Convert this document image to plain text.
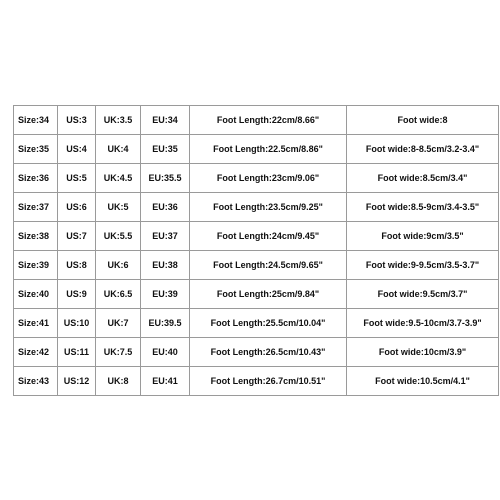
Size:34	US:3	UK:3.5	EU:34	Foot Length:22cm/8.66"	Foot wide:8
Size:35	US:4	UK:4	EU:35	Foot Length:22.5cm/8.86"	Foot wide:8-8.5cm/3.2-3.4"
Size:36	US:5	UK:4.5	EU:35.5	Foot Length:23cm/9.06"	Foot wide:8.5cm/3.4"
Size:37	US:6	UK:5	EU:36	Foot Length:23.5cm/9.25"	Foot wide:8.5-9cm/3.4-3.5"
Size:38	US:7	UK:5.5	EU:37	Foot Length:24cm/9.45"	Foot wide:9cm/3.5"
Size:39	US:8	UK:6	EU:38	Foot Length:24.5cm/9.65"	Foot wide:9-9.5cm/3.5-3.7"
Size:40	US:9	UK:6.5	EU:39	Foot Length:25cm/9.84"	Foot wide:9.5cm/3.7"
Size:41	US:10	UK:7	EU:39.5	Foot Length:25.5cm/10.04"	Foot wide:9.5-10cm/3.7-3.9"
Size:42	US:11	UK:7.5	EU:40	Foot Length:26.5cm/10.43"	Foot wide:10cm/3.9"
Size:43	US:12	UK:8	EU:41	Foot Length:26.7cm/10.51"	Foot wide:10.5cm/4.1"
